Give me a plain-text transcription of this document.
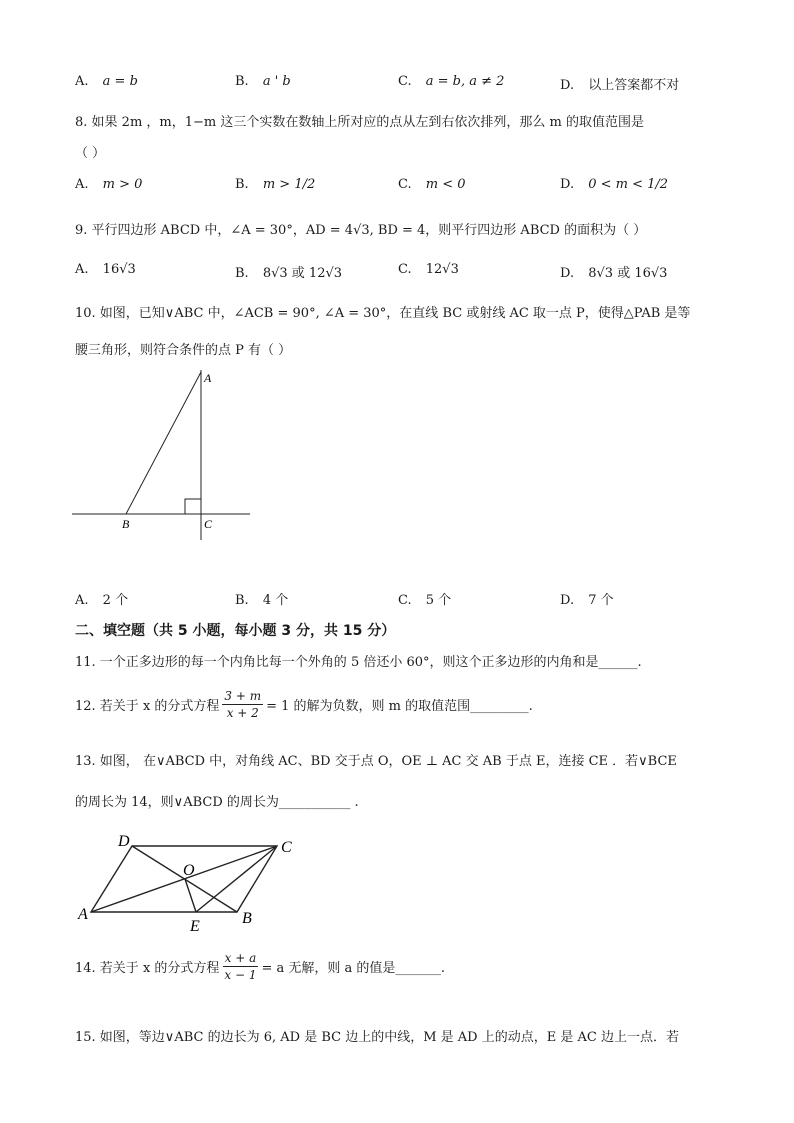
A. a = b	B. a ' b	C. a = b, a ≠ 2	D. 以上答案都不对
8. 如果 2m ，m，1−m 这三个实数在数轴上所对应的点从左到右依次排列，那么 m 的取值范围是
（ ）
A. m > 0	B. m > 1/2	C. m < 0	D. 0 < m < 1/2
9. 平行四边形 ABCD 中，∠A = 30°，AD = 4√3, BD = 4，则平行四边形 ABCD 的面积为（ ）
A. 16√3	B. 8√3 或 12√3	C. 12√3	D. 8√3 或 16√3
10. 如图，已知∨ABC 中，∠ACB = 90°, ∠A = 30°，在直线 BC 或射线 AC 取一点 P，使得△PAB 是等
腰三角形，则符合条件的点 P 有（ ）
A
B	C
A. 2 个	B. 4 个	C. 5 个	D. 7 个
二、填空题（共 5 小题，每小题 3 分，共 15 分）
11. 一个正多边形的每一个内角比每一个外角的 5 倍还小 60°，则这个正多边形的内角和是______.
12. 若关于 x 的分式方程 $\frac{3 + m}{x + 2} = 1$ 的解为负数，则 m 的取值范围_________.
13. 如图， 在∨ABCD 中，对角线 AC、BD 交于点 O，OE ⊥ AC 交 AB 于点 E，连接 CE ．若∨BCE
的周长为 14，则∨ABCD 的周长为___________ .
D	C
O
A
E	B
14. 若关于 x 的分式方程 $\frac{x + a}{x - 1} = a$ 无解，则 a 的值是_______.
15. 如图，等边∨ABC 的边长为 6, AD 是 BC 边上的中线，M 是 AD 上的动点，E 是 AC 边上一点．若
